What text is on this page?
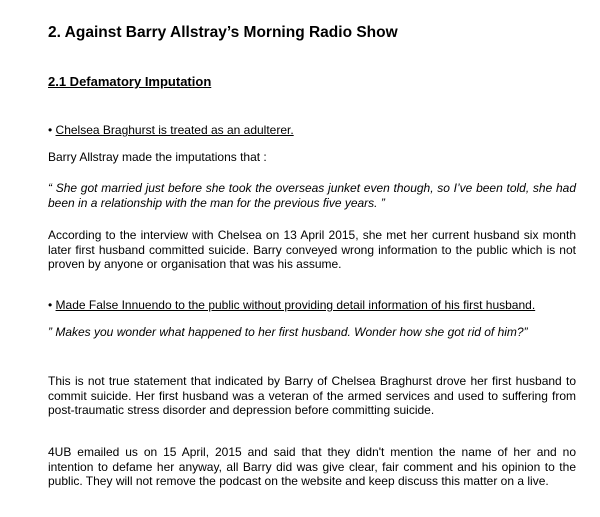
2. Against Barry Allstray’s Morning Radio Show
2.1 Defamatory Imputation

• Chelsea Braghurst is treated as an adulterer.

Barry Allstray made the imputations that :

“ She got married just before she took the overseas junket even though, so I’ve been told, she had been in a relationship with the man for the previous five years. ”

According to the interview with Chelsea on 13 April 2015, she met her current husband six month later first husband committed suicide. Barry conveyed wrong information to the public which is not proven by anyone or organisation that was his assume.

• Made False Innuendo to the public without providing detail information of his first husband.

” Makes you wonder what happened to her first husband. Wonder how she got rid of him?”

This is not true statement that indicated by Barry of Chelsea Braghurst drove her first husband to commit suicide. Her first husband was a veteran of the armed services and used to suffering from post-traumatic stress disorder and depression before committing suicide.

4UB emailed us on 15 April, 2015 and said that they didn't mention the name of her and no intention to defame her anyway, all Barry did was give clear, fair comment and his opinion to the public. They will not remove the podcast on the website and keep discuss this matter on a live.
